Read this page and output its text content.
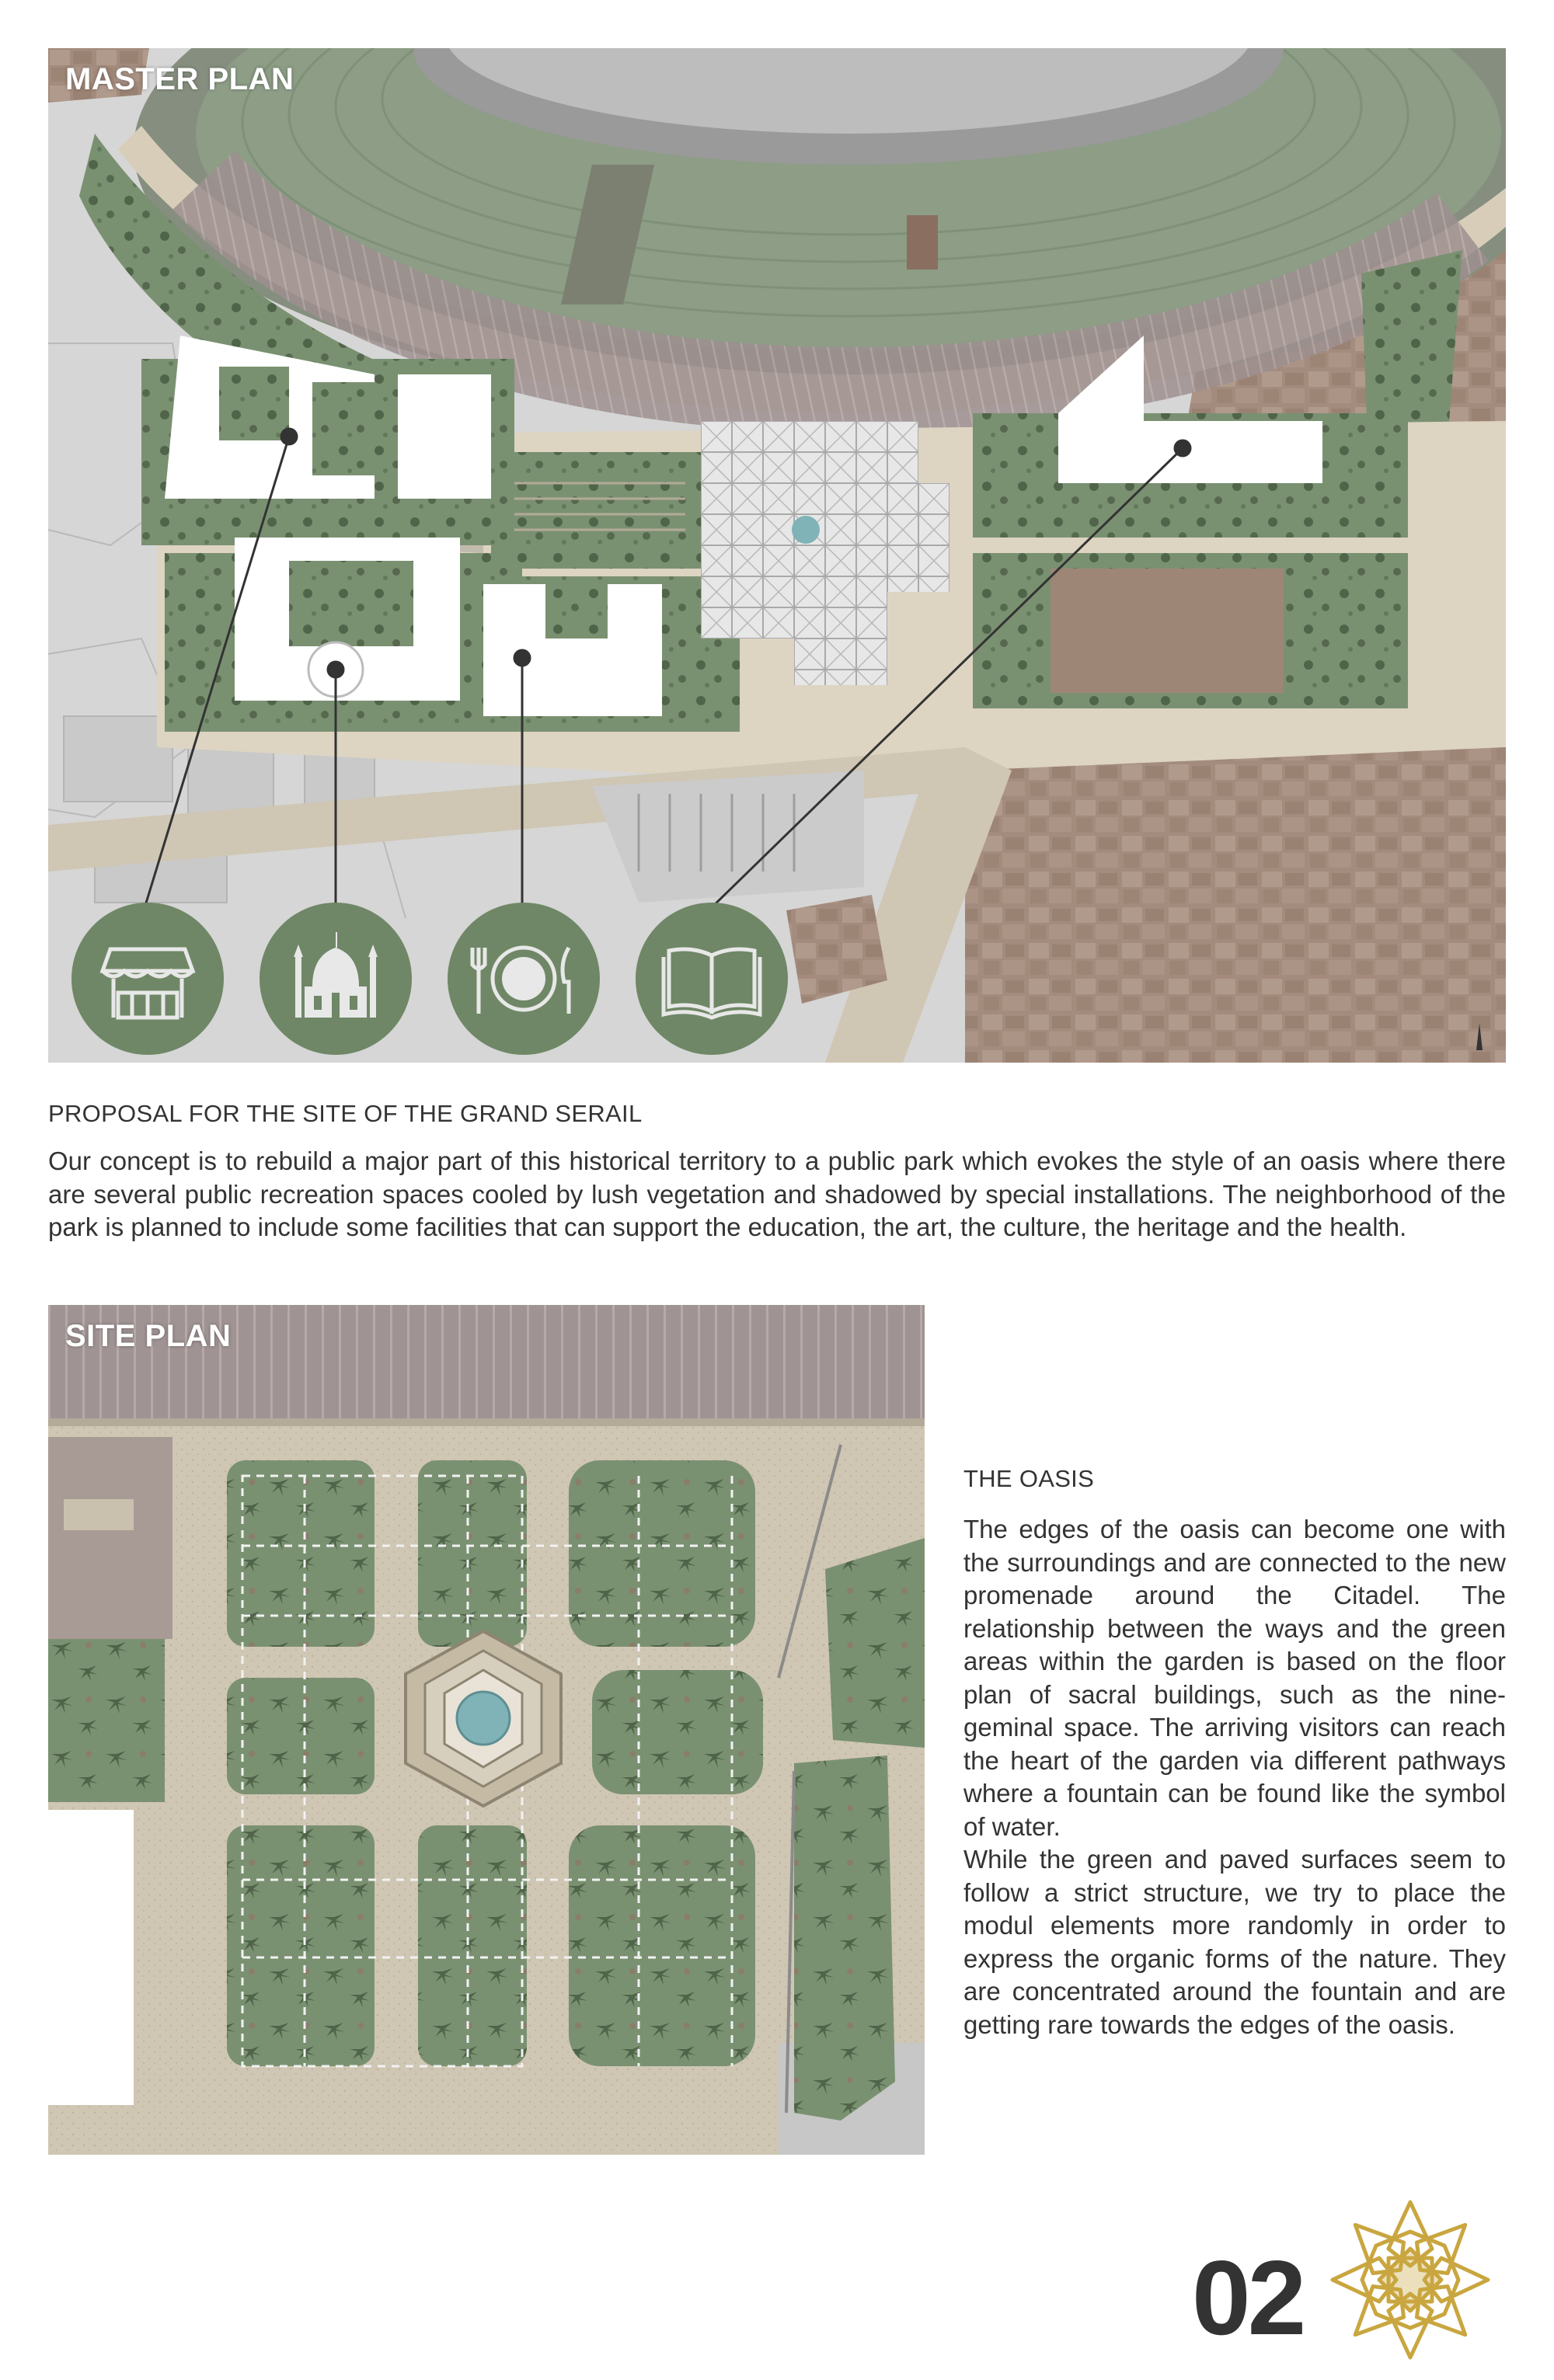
MASTER PLAN
PROPOSAL FOR THE SITE OF THE GRAND SERAIL
Our concept is to rebuild a major part of this historical territory to a public park which evokes the style of an oasis where there are several public recreation spaces cooled by lush vegetation and shadowed by special installations. The neighborhood of the park is planned to include some facilities that can support the education, the art, the culture, the heritage and the health.
SITE PLAN
THE OASIS
The edges of the oasis can become one with the surroundings and are connected to the new promenade around the Citadel. The relationship between the ways and the green areas within the garden is based on the floor plan of sacral buildings, such as the nine-geminal space. The arriving visitors can reach the heart of the garden via different pathways where a fountain can be found like the symbol of water.
While the green and paved surfaces seem to follow a strict structure, we try to place the modul elements more randomly in order to express the organic forms of the nature. They are concentrated around the fountain and are getting rare towards the edges of the oasis.
02
